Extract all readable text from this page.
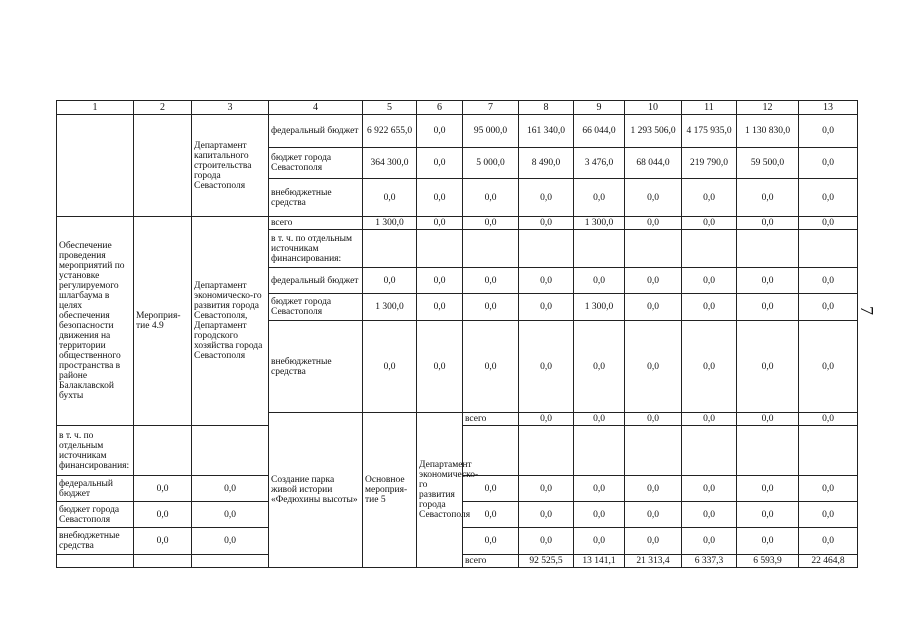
1	2	3	4	5	6	7	8	9	10	11	12	13	
		Департамент капитального строительства города Севастополя	федеральный бюджет	6 922 655,0	0,0	95 000,0	161 340,0	66 044,0	1 293 506,0	4 175 935,0	1 130 830,0	0,0	
			бюджет города Севастополя	364 300,0	0,0	5 000,0	8 490,0	3 476,0	68 044,0	219 790,0	59 500,0	0,0	
			внебюджетные средства	0,0	0,0	0,0	0,0	0,0	0,0	0,0	0,0	0,0	
Обеспечение проведения мероприятий по установке регулируемого шлагбаума в целях обеспечения безопасности движения на территории общественного пространства в районе Балаклавской бухты	Мероприя-тие 4.9	Департамент экономическо-го развития города Севастополя, Департамент городского хозяйства города Севастополя	всего	1 300,0	0,0	0,0	0,0	1 300,0	0,0	0,0	0,0	0,0	
			в т. ч. по отдельным источникам финансирования:										
			федеральный бюджет	0,0	0,0	0,0	0,0	0,0	0,0	0,0	0,0	0,0	
			бюджет города Севастополя	1 300,0	0,0	0,0	0,0	1 300,0	0,0	0,0	0,0	0,0	
			внебюджетные средства	0,0	0,0	0,0	0,0	0,0	0,0	0,0	0,0	0,0	
			Создание парка живой истории «Федюхины высоты»	Основное мероприя-тие 5	Департамент экономическо-го развития города Севастополя	всего	0,0	0,0	0,0	0,0	0,0	0,0			
в т. ч. по отдельным источникам финансирования:													
федеральный бюджет	0,0	0,0				0,0	0,0	0,0	0,0	0,0	0,0	0,0	
бюджет города Севастополя	0,0	0,0				0,0	0,0	0,0	0,0	0,0	0,0	0,0	
внебюджетные средства	0,0	0,0				0,0	0,0	0,0	0,0	0,0	0,0	0,0	
						всего	92 525,5	13 141,1	21 313,4	6 337,3	6 593,9	22 464,8			
7
